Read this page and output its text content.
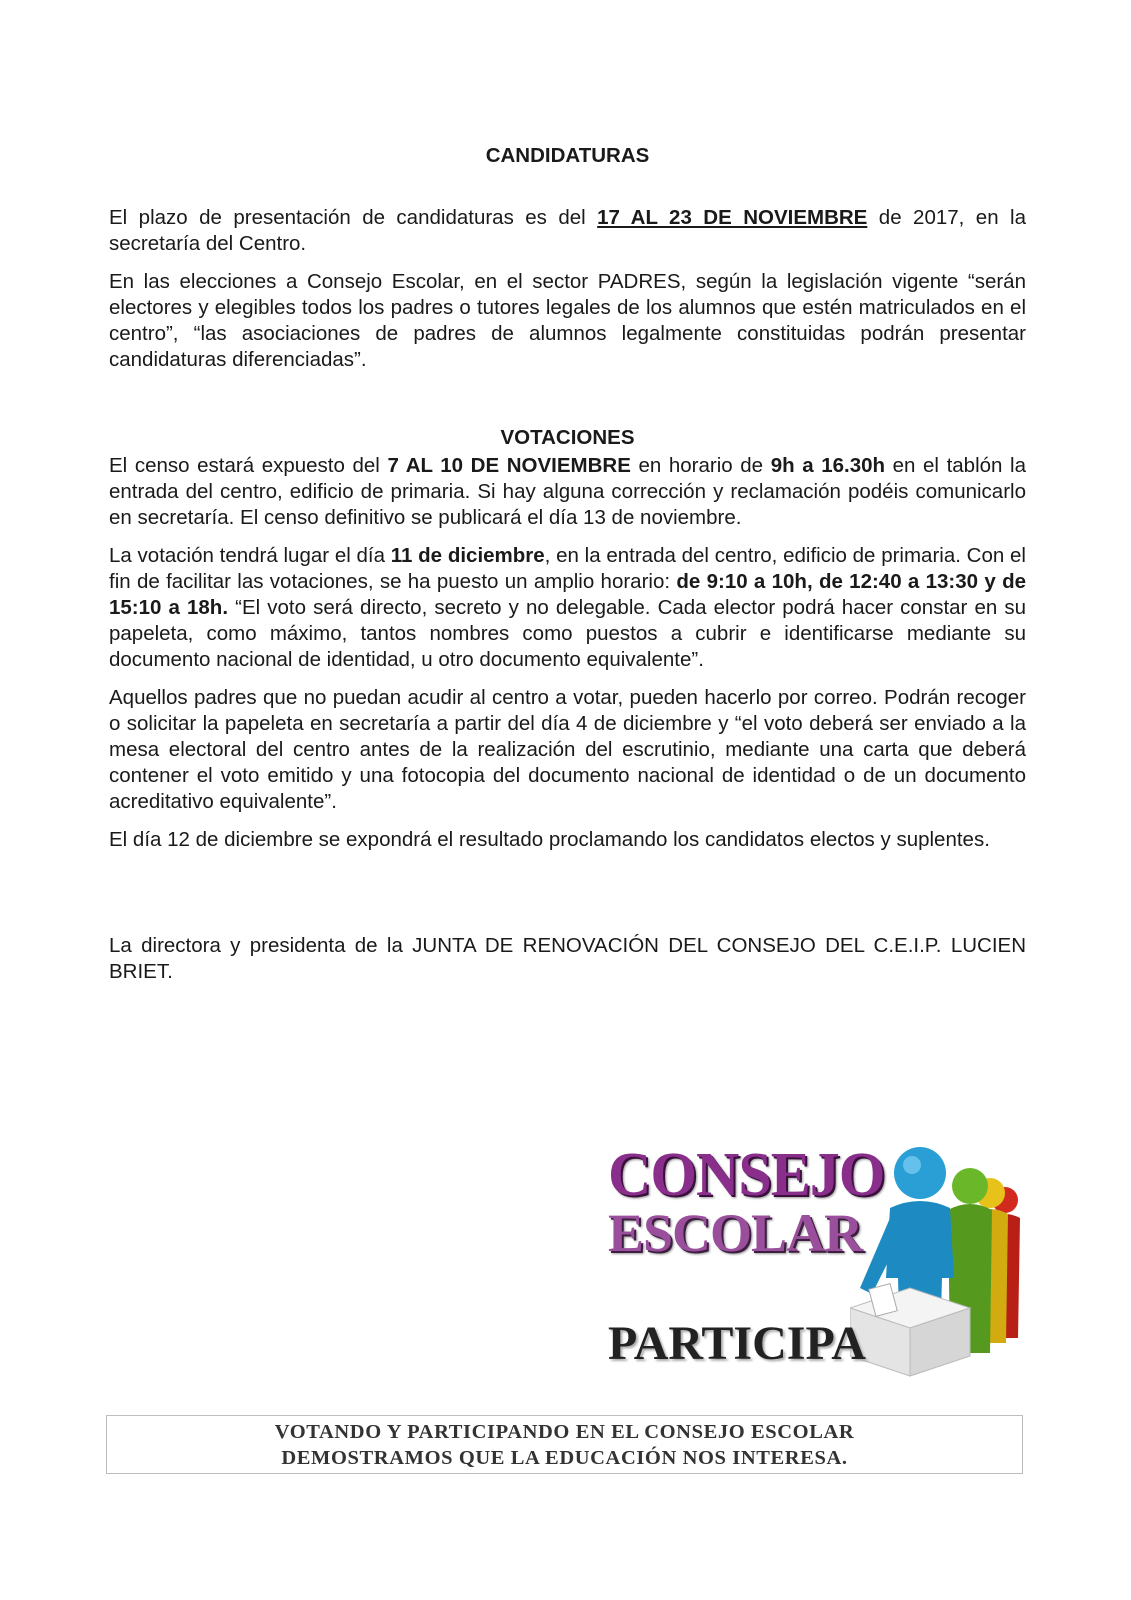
CANDIDATURAS

El plazo de presentación de candidaturas es del 17 AL 23 DE NOVIEMBRE de 2017, en la secretaría del Centro.

En las elecciones a Consejo Escolar, en el sector PADRES, según la legislación vigente “serán electores y elegibles todos los padres o tutores legales de los alumnos que estén matriculados en el centro”, “las asociaciones de padres de alumnos legalmente constituidas podrán presentar candidaturas diferenciadas”.

VOTACIONES

El censo estará expuesto del 7 AL 10 DE NOVIEMBRE en horario de 9h a 16.30h en el tablón la entrada del centro, edificio de primaria. Si hay alguna corrección y reclamación podéis comunicarlo en secretaría. El censo definitivo se publicará el día 13 de noviembre.

La votación tendrá lugar el día 11 de diciembre, en la entrada del centro, edificio de primaria. Con el fin de facilitar las votaciones, se ha puesto un amplio horario: de 9:10 a 10h, de 12:40 a 13:30 y de 15:10 a 18h. “El voto será directo, secreto y no delegable. Cada elector podrá hacer constar en su papeleta, como máximo, tantos nombres como puestos a cubrir e identificarse mediante su documento nacional de identidad, u otro documento equivalente”.

Aquellos padres que no puedan acudir al centro a votar, pueden hacerlo por correo. Podrán recoger o solicitar la papeleta en secretaría a partir del día 4 de diciembre y “el voto deberá ser enviado a la mesa electoral del centro antes de la realización del escrutinio, mediante una carta que deberá contener el voto emitido y una fotocopia del documento nacional de identidad o de un documento acreditativo equivalente”.

El día 12 de diciembre se expondrá el resultado proclamando los candidatos electos y suplentes.

La directora y presidenta de la JUNTA DE RENOVACIÓN DEL CONSEJO DEL C.E.I.P. LUCIEN BRIET.

CONSEJO
ESCOLAR
PARTICIPA
VOTANDO Y PARTICIPANDO EN EL CONSEJO ESCOLAR
DEMOSTRAMOS QUE LA EDUCACIÓN NOS INTERESA.
